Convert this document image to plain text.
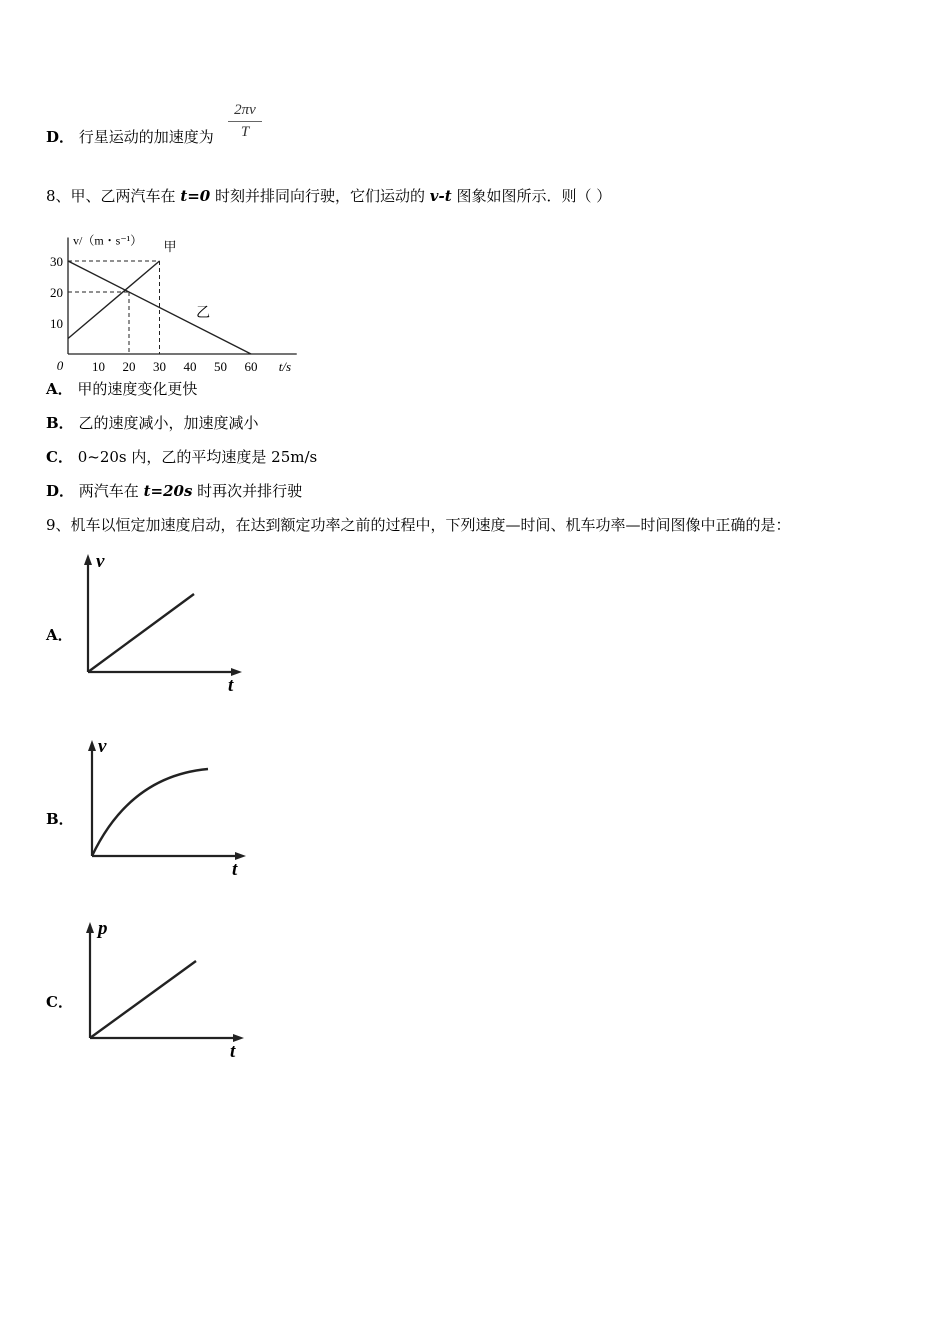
D． 行星运动的加速度为 $\frac{2\pi v}{T}$
8、甲、乙两汽车在 t=0 时刻并排同向行驶，它们运动的 v-t 图象如图所示．则（ ）
10 20 30 40 50 60
10
20
30
0	t/s
v/（m・s⁻¹） 甲
乙
A． 甲的速度变化更快
B． 乙的速度减小，加速度减小
C． 0~20s 内，乙的平均速度是 25m/s
D． 两汽车在 t=20s 时再次并排行驶
9、机车以恒定加速度启动，在达到额定功率之前的过程中，下列速度—时间、机车功率—时间图像中正确的是：
A．
v
t
B．
v
t
C．
p
t
